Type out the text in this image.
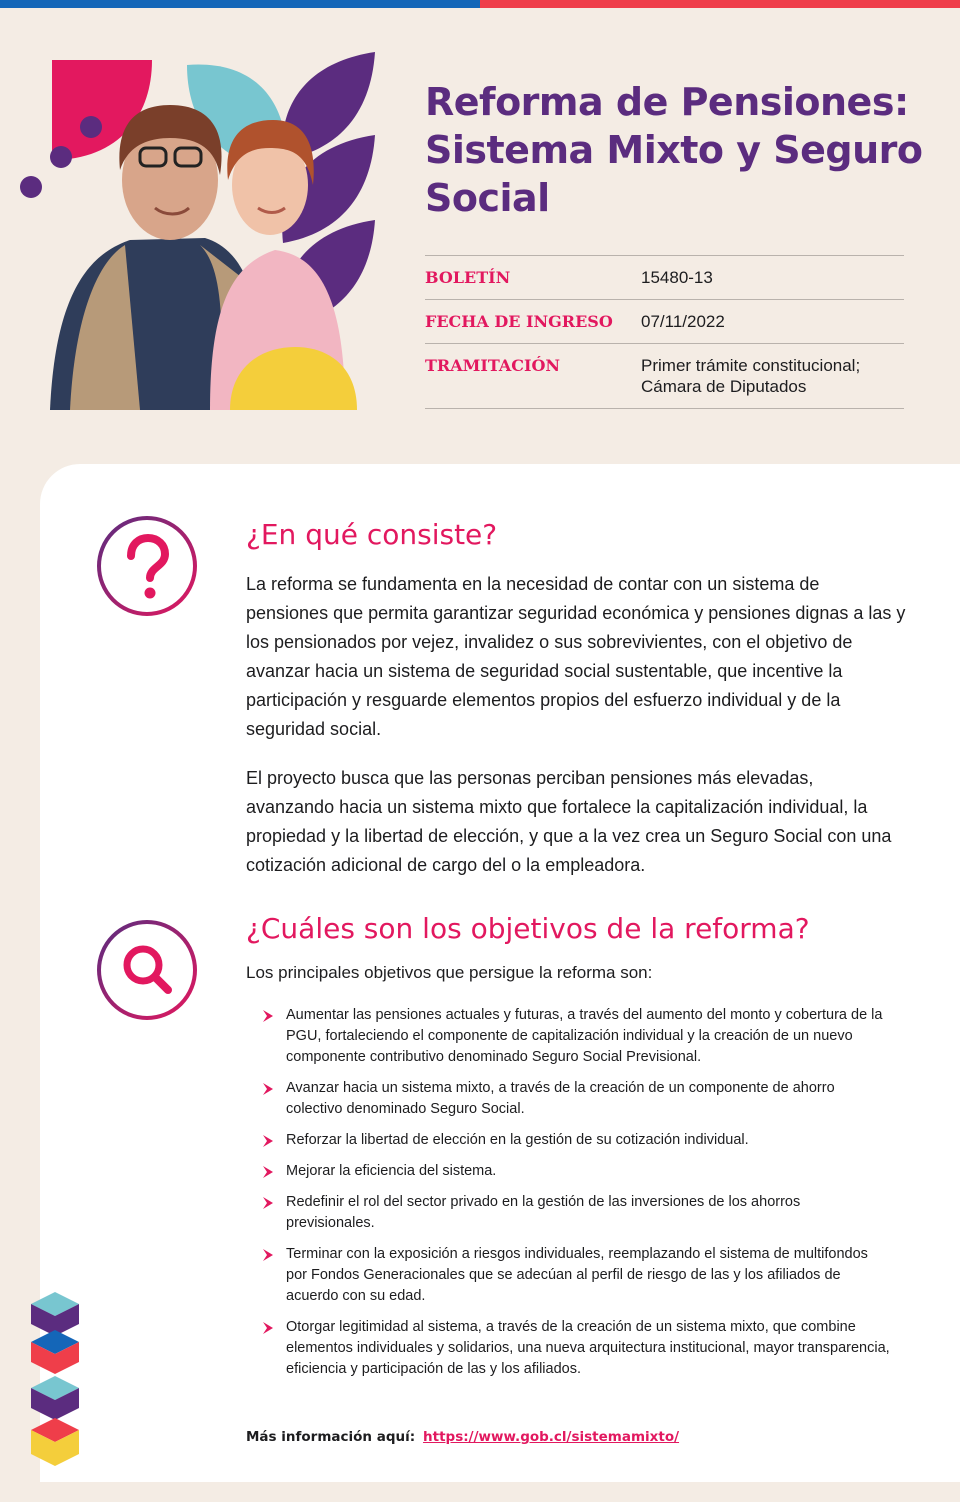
Reforma de Pensiones: Sistema Mixto y Seguro Social
BOLETÍN	15480-13
FECHA DE INGRESO	07/11/2022
TRAMITACIÓN	Primer trámite constitucional; Cámara de Diputados
¿En qué consiste?

La reforma se fundamenta en la necesidad de contar con un sistema de pensiones que permita garantizar seguridad económica y pensiones dignas a las y los pensionados por vejez, invalidez o sus sobrevivientes, con el objetivo de avanzar hacia un sistema de seguridad social sustentable, que incentive la participación y resguarde elementos propios del esfuerzo individual y de la seguridad social.

El proyecto busca que las personas perciban pensiones más elevadas, avanzando hacia un sistema mixto que fortalece la capitalización individual, la propiedad y la libertad de elección, y que a la vez crea un Seguro Social con una cotización adicional de cargo del o la empleadora.

¿Cuáles son los objetivos de la reforma?

Los principales objetivos que persigue la reforma son:

Aumentar las pensiones actuales y futuras, a través del aumento del monto y cobertura de la PGU, fortaleciendo el componente de capitalización individual y la creación de un nuevo componente contributivo denominado Seguro Social Previsional.
Avanzar hacia un sistema mixto, a través de la creación de un componente de ahorro colectivo denominado Seguro Social.
Reforzar la libertad de elección en la gestión de su cotización individual.
Mejorar la eficiencia del sistema.
Redefinir el rol del sector privado en la gestión de las inversiones de los ahorros previsionales.
Terminar con la exposición a riesgos individuales, reemplazando el sistema de multifondos por Fondos Generacionales que se adecúan al perfil de riesgo de las y los afiliados de acuerdo con su edad.
Otorgar legitimidad al sistema, a través de la creación de un sistema mixto, que combine elementos individuales y solidarios, una nueva arquitectura institucional, mayor transparencia, eficiencia y participación de las y los afiliados.
Más información aquí: https://www.gob.cl/sistemamixto/
